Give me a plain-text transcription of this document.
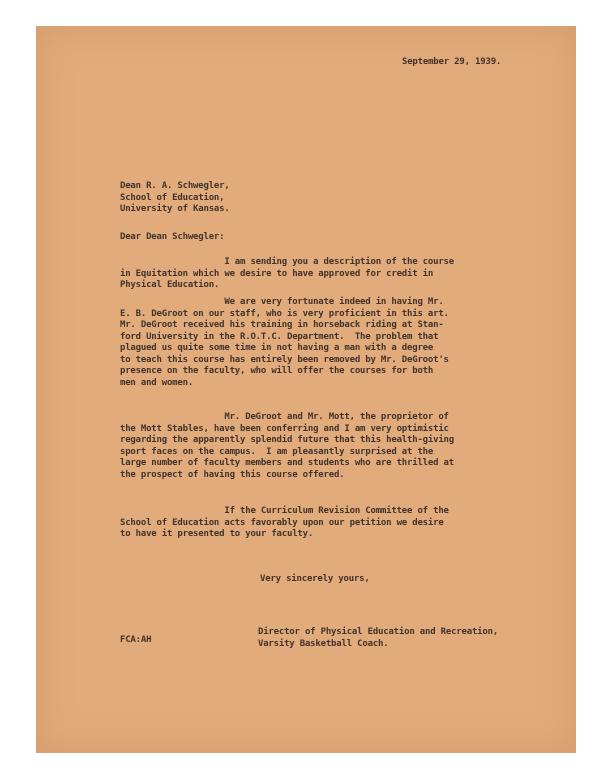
September 29, 1939.
Dean R. A. Schwegler,
School of Education,
University of Kansas.
Dear Dean Schwegler:
I am sending you a description of the course
in Equitation which we desire to have approved for credit in
Physical Education.
We are very fortunate indeed in having Mr.
E. B. DeGroot on our staff, who is very proficient in this art.
Mr. DeGroot received his training in horseback riding at Stan-
ford University in the R.O.T.C. Department.  The problem that
plagued us quite some time in not having a man with a degree
to teach this course has entirely been removed by Mr. DeGroot's
presence on the faculty, who will offer the courses for both
men and women.
Mr. DeGroot and Mr. Mott, the proprietor of
the Mott Stables, have been conferring and I am very optimistic
regarding the apparently splendid future that this health-giving
sport faces on the campus.  I am pleasantly surprised at the
large number of faculty members and students who are thrilled at
the prospect of having this course offered.
If the Curriculum Revision Committee of the
School of Education acts favorably upon our petition we desire
to have it presented to your faculty.
Very sincerely yours,
FCA:AH
Director of Physical Education and Recreation,
Varsity Basketball Coach.
